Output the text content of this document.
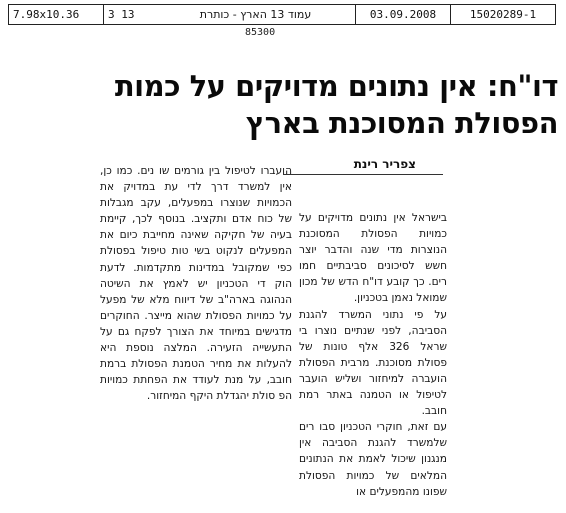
7.98x10.36	3 13	עמוד 13 הארץ - כותרת	03.09.2008	15020289-1
85300
דו"ח: אין נתונים מדויקים על כמות הפסולת המסוכנת בארץ
צפריר רינת

בישראל אין נתונים מדויקים על כמויות הפסולת המסוכנת הנוצרות מדי שנה והדבר יוצר חשש לסיכונים סביבתיים חמו רים. כך קובע דו"ח הדש של מכון שמואל נאמן בטכניון.

על פי נתוני המשרד להגנת הסביבה, לפני שנתיים נוצרו בי שראל 326 אלף טונות של פסולת מסוכנת. מרבית הפסולת הועברה למיחזור ושליש הועבר לטיפול או הטמנה באתר רמת חובב.

עם זאת, חוקרי הטכניון סבו רים שלמשרד להגנת הסביבה אין מנגנון שיכול לאמת את הנתונים המלאים של כמויות הפסולת שפונו מהמפעלים או

הועברו לטיפול בין גורמים שו נים. כמו כן, אין למשרד דרך לדי עת במדויק את הכמויות שנוצרו במפעלים, עקב מגבלות של כוח אדם ותקציב. בנוסף לכך, קיימת בעיה של חקיקה שאינה מחייבת כיום את המפעלים לנקוט בשי טות טיפול בפסולת כפי שמקובל במדינות מתקדמות. לדעת הוק די הטכניון יש לאמץ את השיטה הנהוגה בארה"ב של דיווח מלא של מפעל על כמויות הפסולת שהוא מייצר. החוקרים מדגישים במיוחד את הצורך לפקח גם על התעשייה הזעירה. המלצה נוספת היא להעלות את מחיר הטמנת הפסולת ברמת חובב, על מנת לעודד את הפחתת כמויות הפ סולת יהגדלת היקף המיחזור.
